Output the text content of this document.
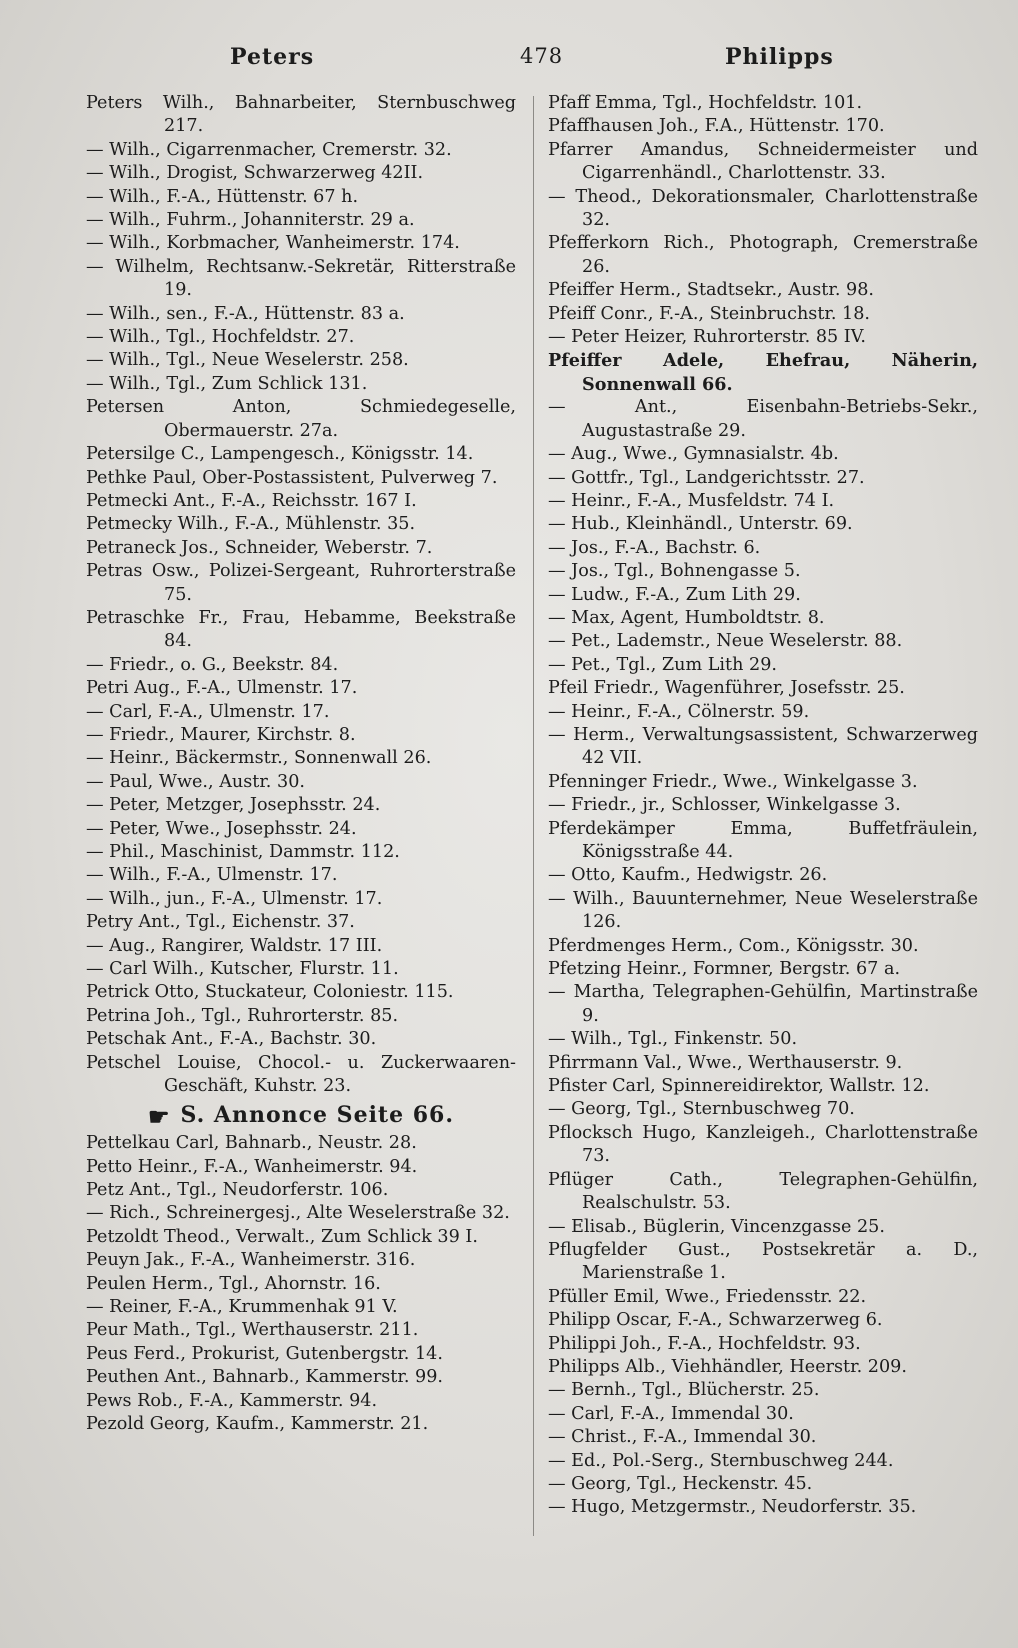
Peters	478	Philipps

Peters Wilh., Bahnarbeiter, Sternbuschweg 217.

— Wilh., Cigarrenmacher, Cremerstr. 32.

— Wilh., Drogist, Schwarzerweg 42II.

— Wilh., F.-A., Hüttenstr. 67 h.

— Wilh., Fuhrm., Johanniterstr. 29 a.

— Wilh., Korbmacher, Wanheimerstr. 174.

— Wilhelm, Rechtsanw.-Sekretär, Ritterstraße 19.

— Wilh., sen., F.-A., Hüttenstr. 83 a.

— Wilh., Tgl., Hochfeldstr. 27.

— Wilh., Tgl., Neue Weselerstr. 258.

— Wilh., Tgl., Zum Schlick 131.

Petersen Anton, Schmiedegeselle, Obermauerstr. 27a.

Petersilge C., Lampengesch., Königsstr. 14.

Pethke Paul, Ober-Postassistent, Pulverweg 7.

Petmecki Ant., F.-A., Reichsstr. 167 I.

Petmecky Wilh., F.-A., Mühlenstr. 35.

Petraneck Jos., Schneider, Weberstr. 7.

Petras Osw., Polizei-Sergeant, Ruhrorterstraße 75.

Petraschke Fr., Frau, Hebamme, Beekstraße 84.

— Friedr., o. G., Beekstr. 84.

Petri Aug., F.-A., Ulmenstr. 17.

— Carl, F.-A., Ulmenstr. 17.

— Friedr., Maurer, Kirchstr. 8.

— Heinr., Bäckermstr., Sonnenwall 26.

— Paul, Wwe., Austr. 30.

— Peter, Metzger, Josephsstr. 24.

— Peter, Wwe., Josephsstr. 24.

— Phil., Maschinist, Dammstr. 112.

— Wilh., F.-A., Ulmenstr. 17.

— Wilh., jun., F.-A., Ulmenstr. 17.

Petry Ant., Tgl., Eichenstr. 37.

— Aug., Rangirer, Waldstr. 17 III.

— Carl Wilh., Kutscher, Flurstr. 11.

Petrick Otto, Stuckateur, Coloniestr. 115.

Petrina Joh., Tgl., Ruhrorterstr. 85.

Petschak Ant., F.-A., Bachstr. 30.

Petschel Louise, Chocol.- u. Zuckerwaaren-Geschäft, Kuhstr. 23.

☛ S. Annonce Seite 66.

Pettelkau Carl, Bahnarb., Neustr. 28.

Petto Heinr., F.-A., Wanheimerstr. 94.

Petz Ant., Tgl., Neudorferstr. 106.

— Rich., Schreinergesj., Alte Weselerstraße 32.

Petzoldt Theod., Verwalt., Zum Schlick 39 I.

Peuyn Jak., F.-A., Wanheimerstr. 316.

Peulen Herm., Tgl., Ahornstr. 16.

— Reiner, F.-A., Krummenhak 91 V.

Peur Math., Tgl., Werthauserstr. 211.

Peus Ferd., Prokurist, Gutenbergstr. 14.

Peuthen Ant., Bahnarb., Kammerstr. 99.

Pews Rob., F.-A., Kammerstr. 94.

Pezold Georg, Kaufm., Kammerstr. 21.

Pfaff Emma, Tgl., Hochfeldstr. 101.

Pfaffhausen Joh., F.A., Hüttenstr. 170.

Pfarrer Amandus, Schneidermeister und Cigarrenhändl., Charlottenstr. 33.

— Theod., Dekorationsmaler, Charlottenstraße 32.

Pfefferkorn Rich., Photograph, Cremerstraße 26.

Pfeiffer Herm., Stadtsekr., Austr. 98.

Pfeiff Conr., F.-A., Steinbruchstr. 18.

— Peter Heizer, Ruhrorterstr. 85 IV.

Pfeiffer Adele, Ehefrau, Näherin, Sonnenwall 66.

— Ant., Eisenbahn-Betriebs-Sekr., Augustastraße 29.

— Aug., Wwe., Gymnasialstr. 4b.

— Gottfr., Tgl., Landgerichtsstr. 27.

— Heinr., F.-A., Musfeldstr. 74 I.

— Hub., Kleinhändl., Unterstr. 69.

— Jos., F.-A., Bachstr. 6.

— Jos., Tgl., Bohnengasse 5.

— Ludw., F.-A., Zum Lith 29.

— Max, Agent, Humboldtstr. 8.

— Pet., Lademstr., Neue Weselerstr. 88.

— Pet., Tgl., Zum Lith 29.

Pfeil Friedr., Wagenführer, Josefsstr. 25.

— Heinr., F.-A., Cölnerstr. 59.

— Herm., Verwaltungsassistent, Schwarzerweg 42 VII.

Pfenninger Friedr., Wwe., Winkelgasse 3.

— Friedr., jr., Schlosser, Winkelgasse 3.

Pferdekämper Emma, Buffetfräulein, Königsstraße 44.

— Otto, Kaufm., Hedwigstr. 26.

— Wilh., Bauunternehmer, Neue Weselerstraße 126.

Pferdmenges Herm., Com., Königsstr. 30.

Pfetzing Heinr., Formner, Bergstr. 67 a.

— Martha, Telegraphen-Gehülfin, Martinstraße 9.

— Wilh., Tgl., Finkenstr. 50.

Pfirrmann Val., Wwe., Werthauserstr. 9.

Pfister Carl, Spinnereidirektor, Wallstr. 12.

— Georg, Tgl., Sternbuschweg 70.

Pflocksch Hugo, Kanzleigeh., Charlottenstraße 73.

Pflüger Cath., Telegraphen-Gehülfin, Realschulstr. 53.

— Elisab., Büglerin, Vincenzgasse 25.

Pflugfelder Gust., Postsekretär a. D., Marienstraße 1.

Pfüller Emil, Wwe., Friedensstr. 22.

Philipp Oscar, F.-A., Schwarzerweg 6.

Philippi Joh., F.-A., Hochfeldstr. 93.

Philipps Alb., Viehhändler, Heerstr. 209.

— Bernh., Tgl., Blücherstr. 25.

— Carl, F.-A., Immendal 30.

— Christ., F.-A., Immendal 30.

— Ed., Pol.-Serg., Sternbuschweg 244.

— Georg, Tgl., Heckenstr. 45.

— Hugo, Metzgermstr., Neudorferstr. 35.
